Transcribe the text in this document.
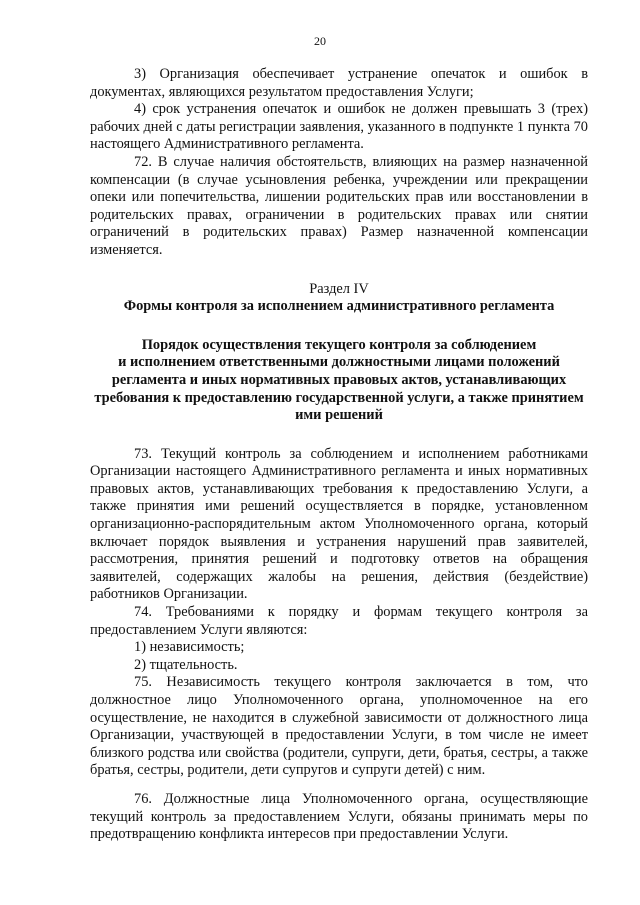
20

3) Организация обеспечивает устранение опечаток и ошибок в документах, являющихся результатом предоставления Услуги;

4) срок устранения опечаток и ошибок не должен превышать 3 (трех) рабочих дней с даты регистрации заявления, указанного в подпункте 1 пункта 70 настоящего Административного регламента.

72. В случае наличия обстоятельств, влияющих на размер назначенной компенсации (в случае усыновления ребенка, учреждении или прекращении опеки или попечительства, лишении родительских прав или восстановлении в родительских правах, ограничении в родительских правах или снятии ограничений в родительских правах) Размер назначенной компенсации изменяется.

Раздел IV
Формы контроля за исполнением административного регламента
Порядок осуществления текущего контроля за соблюдением
и исполнением ответственными должностными лицами положений
регламента и иных нормативных правовых актов, устанавливающих
требования к предоставлению государственной услуги, а также принятием
ими решений

73. Текущий контроль за соблюдением и исполнением работниками Организации настоящего Административного регламента и иных нормативных правовых актов, устанавливающих требования к предоставлению Услуги, а также принятия ими решений осуществляется в порядке, установленном организационно-распорядительным актом Уполномоченного органа, который включает порядок выявления и устранения нарушений прав заявителей, рассмотрения, принятия решений и подготовку ответов на обращения заявителей, содержащих жалобы на решения, действия (бездействие) работников Организации.

74. Требованиями к порядку и формам текущего контроля за предоставлением Услуги являются:

1) независимость;

2) тщательность.

75. Независимость текущего контроля заключается в том, что должностное лицо Уполномоченного органа, уполномоченное на его осуществление, не находится в служебной зависимости от должностного лица Организации, участвующей в предоставлении Услуги, в том числе не имеет близкого родства или свойства (родители, супруги, дети, братья, сестры, а также братья, сестры, родители, дети супругов и супруги детей) с ним.

76. Должностные лица Уполномоченного органа, осуществляющие текущий контроль за предоставлением Услуги, обязаны принимать меры по предотвращению конфликта интересов при предоставлении Услуги.
